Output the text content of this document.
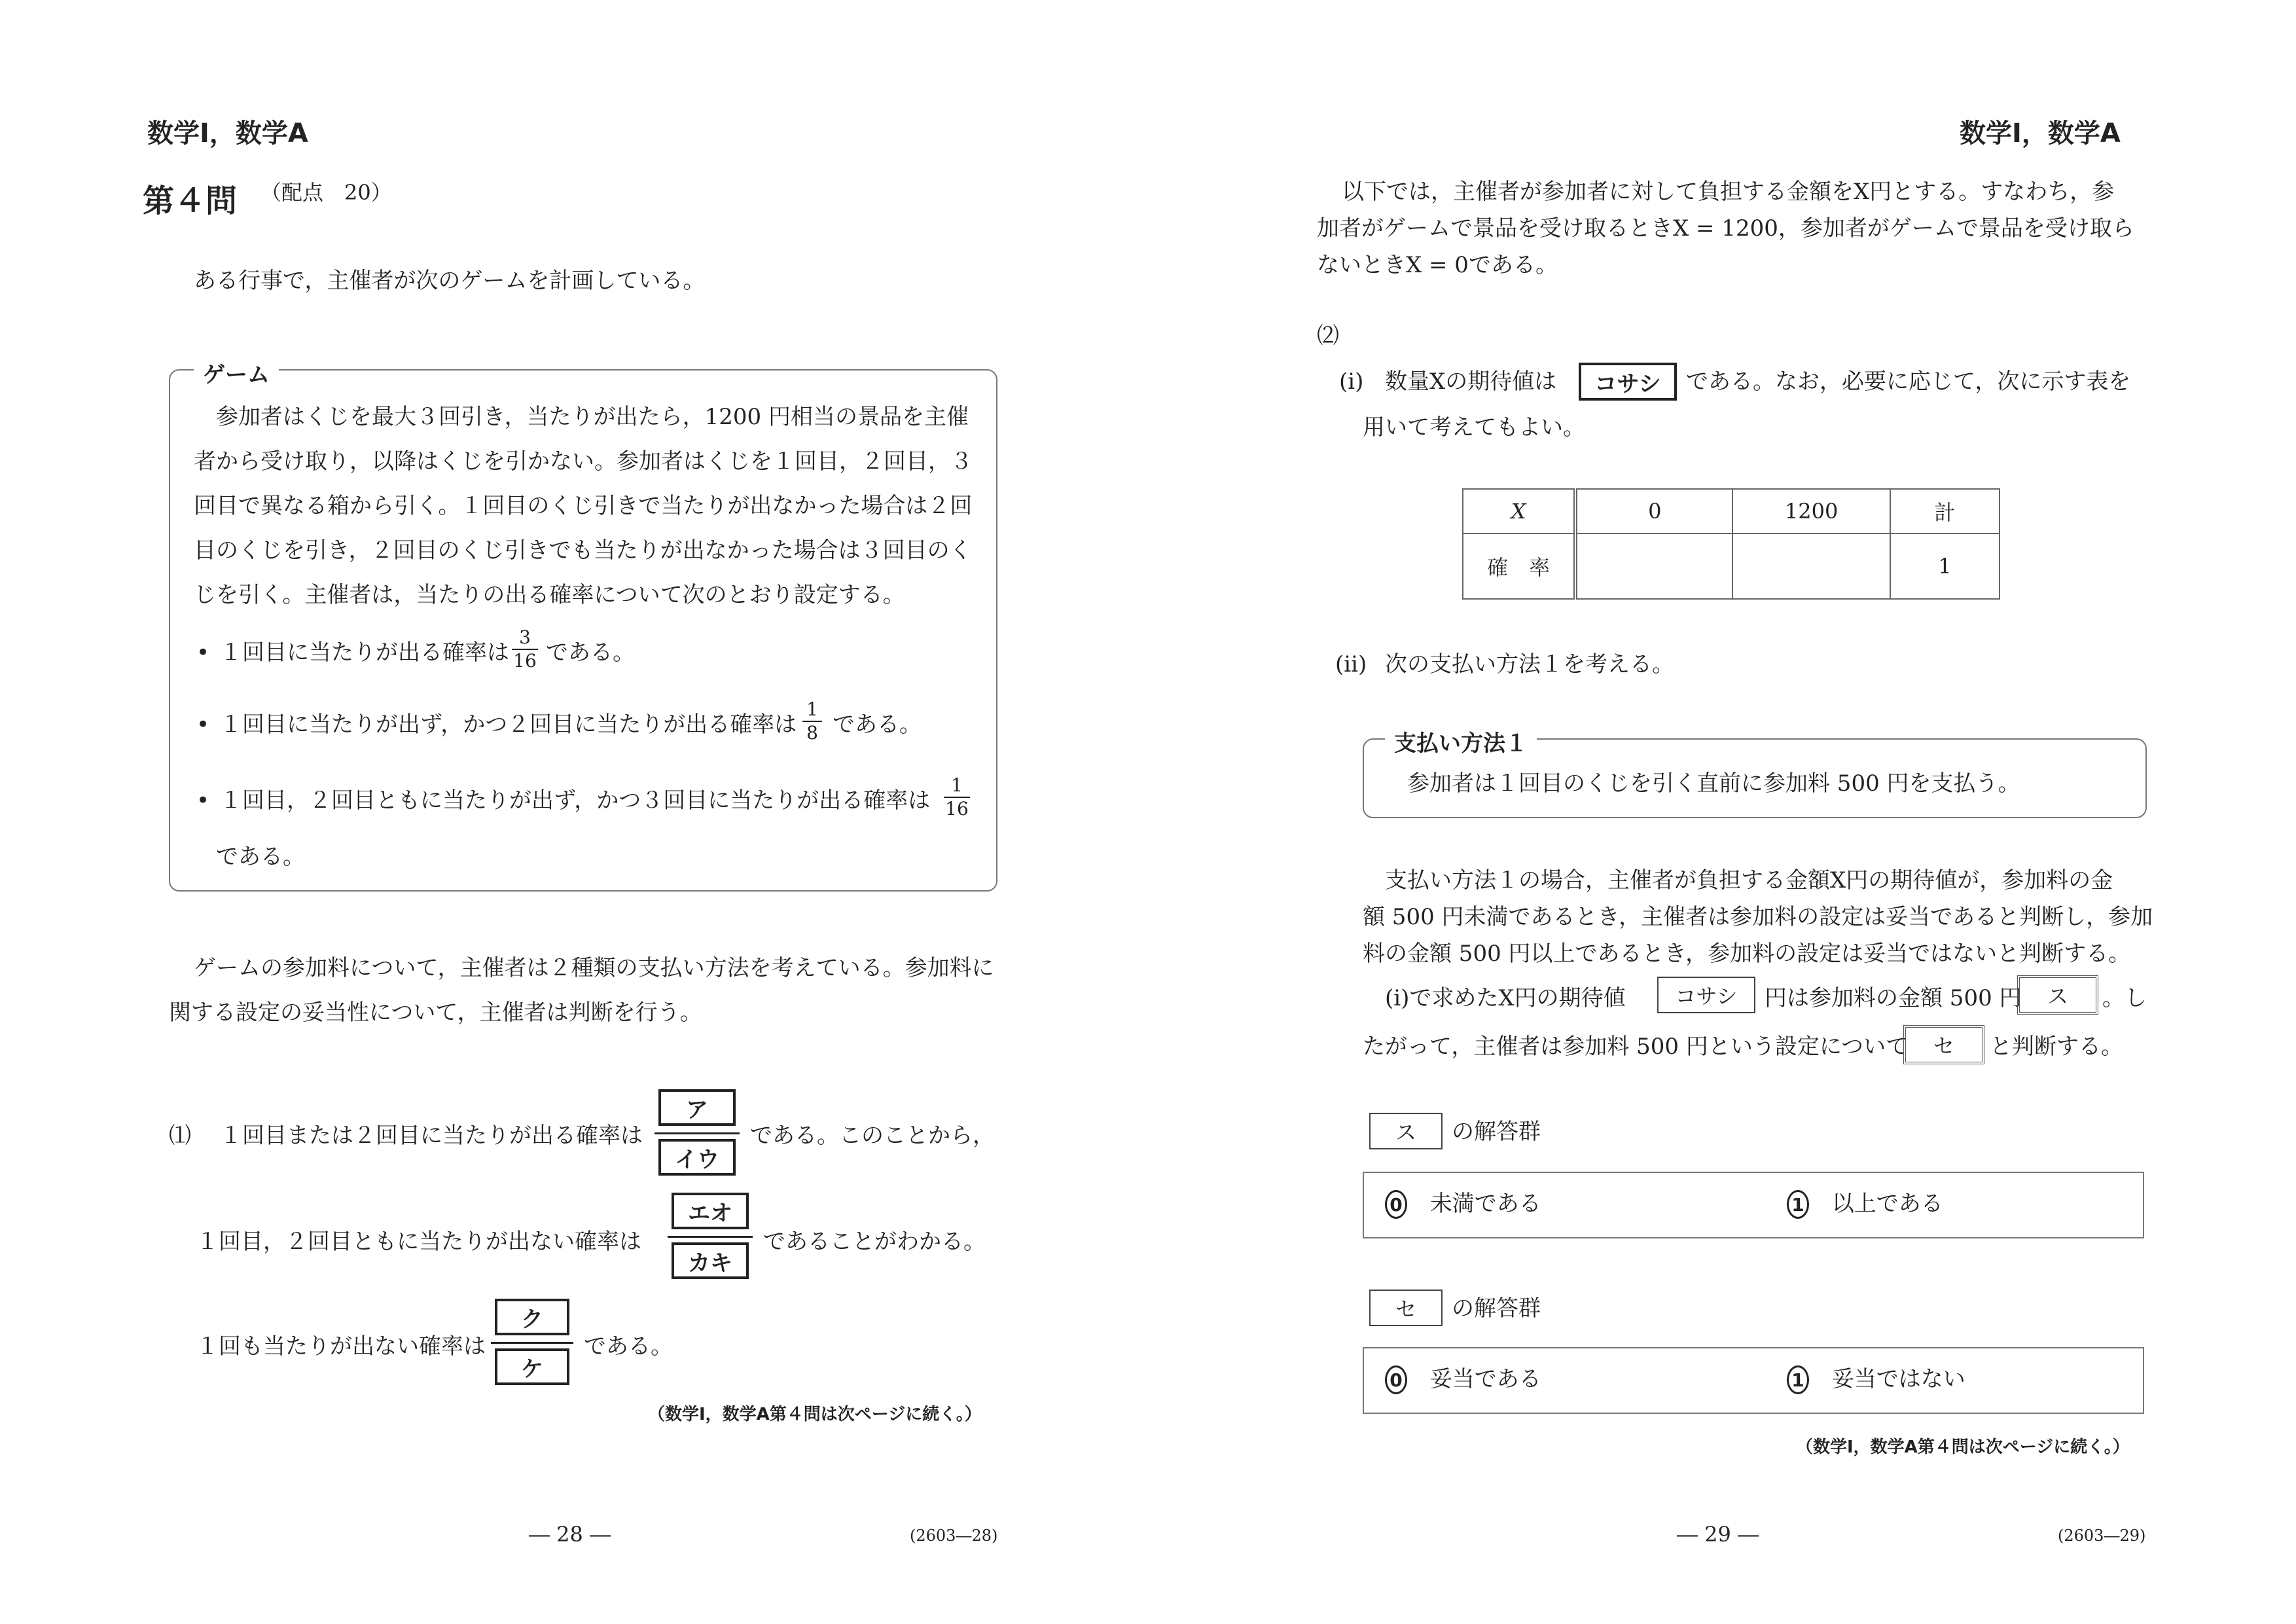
数学Ⅰ，数学A
第４問 （配点　20）
ある行事で，主催者が次のゲームを計画している。
ゲーム
参加者はくじを最大３回引き，当たりが出たら，1200 円相当の景品を主催
者から受け取り，以降はくじを引かない。参加者はくじを１回目，２回目，３
回目で異なる箱から引く。１回目のくじ引きで当たりが出なかった場合は２回
目のくじを引き，２回目のくじ引きでも当たりが出なかった場合は３回目のく
じを引く。主催者は，当たりの出る確率について次のとおり設定する。
• １回目に当たりが出る確率は
3
16 である。
• １回目に当たりが出ず，かつ２回目に当たりが出る確率は
1
8 である。
• １回目，２回目ともに当たりが出ず，かつ３回目に当たりが出る確率は
1
16
である。
ゲームの参加料について，主催者は２種類の支払い方法を考えている。参加料に
関する設定の妥当性について，主催者は判断を行う。
⑴ １回目または２回目に当たりが出る確率は
ア
イウ
である。このことから，
１回目，２回目ともに当たりが出ない確率は
エオ
カキ
であることがわかる。
１回も当たりが出ない確率は
ク
ケ
である。
（数学Ⅰ，数学A第４問は次ページに続く。）
― 28 ―	(2603―28)
数学Ⅰ，数学A
以下では，主催者が参加者に対して負担する金額をX円とする。すなわち，参
加者がゲームで景品を受け取るときX = 1200，参加者がゲームで景品を受け取ら
ないときX = 0である。
⑵
(i) 数量Xの期待値は	コサシ	である。なお，必要に応じて，次に示す表を
用いて考えてもよい。
X	0	1200	計
確　率			1
(ii) 次の支払い方法１を考える。
支払い方法１
参加者は１回目のくじを引く直前に参加料 500 円を支払う。
支払い方法１の場合，主催者が負担する金額X円の期待値が，参加料の金
額 500 円未満であるとき，主催者は参加料の設定は妥当であると判断し，参加
料の金額 500 円以上であるとき，参加料の設定は妥当ではないと判断する。
(i)で求めたX円の期待値	コサシ	円は参加料の金額 500 円	ス	。し
たがって，主催者は参加料 500 円という設定について	セ	と判断する。
ス	の解答群
0 未満である	1 以上である
セ	の解答群
0 妥当である	1 妥当ではない
（数学Ⅰ，数学A第４問は次ページに続く。）
― 29 ―	(2603―29)
